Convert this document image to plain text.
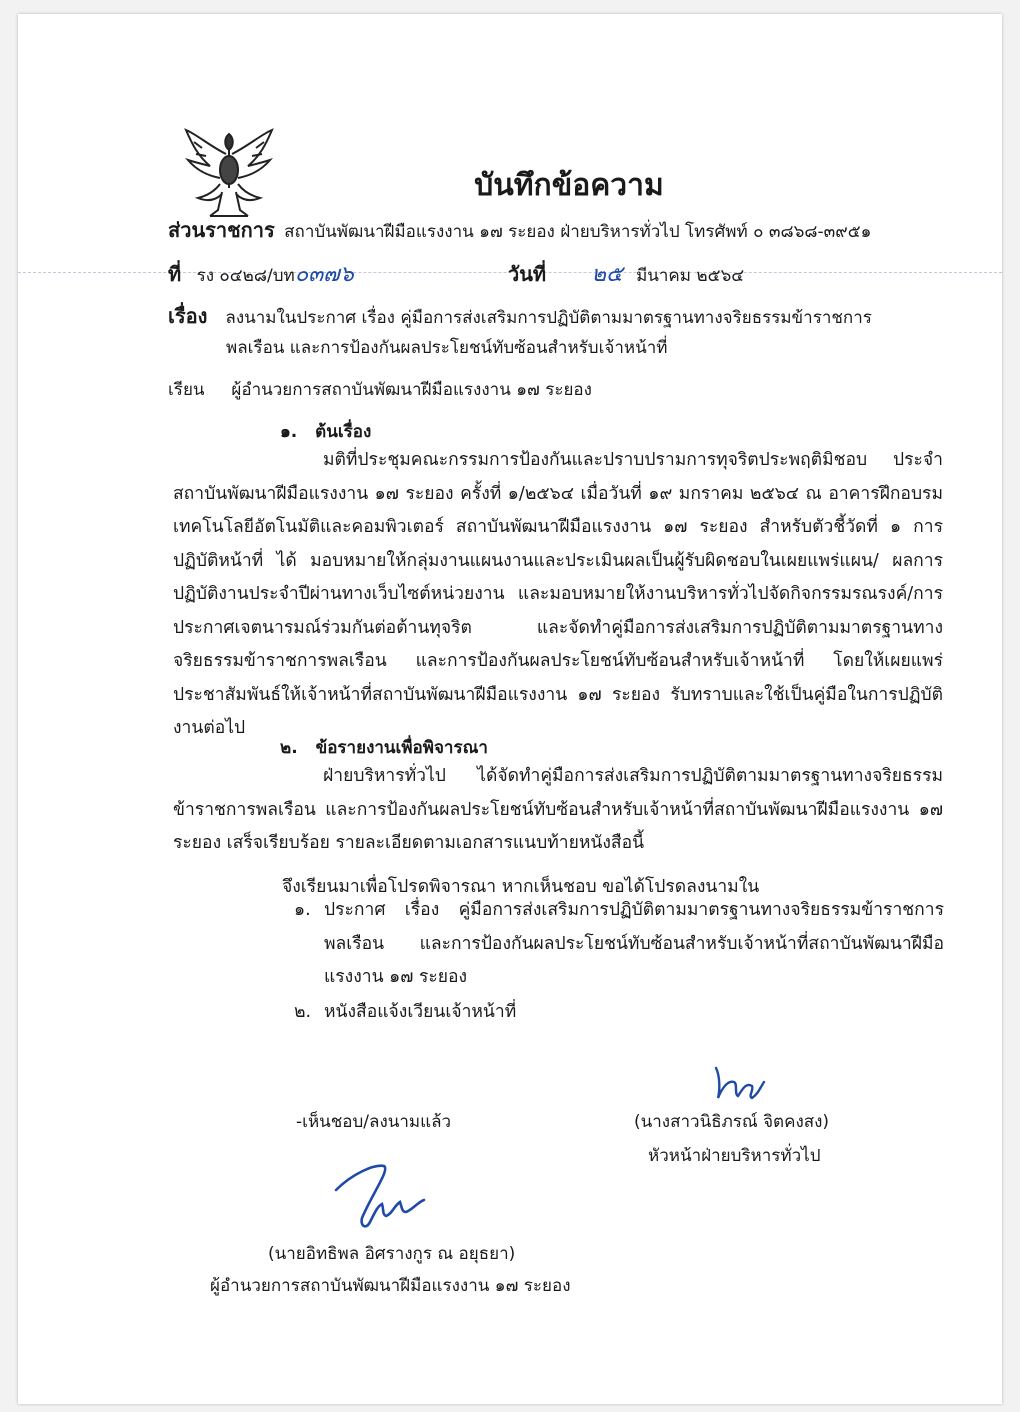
บันทึกข้อความ
ส่วนราชการ สถาบันพัฒนาฝีมือแรงงาน ๑๗ ระยอง ฝ่ายบริหารทั่วไป โทรศัพท์ ๐ ๓๘๖๘-๓๙๕๑
ที่ รง ๐๔๒๘/บท๐๓๗๖	วันที่ ๒๕ มีนาคม ๒๕๖๔
เรื่อง ลงนามในประกาศ เรื่อง คู่มือการส่งเสริมการปฏิบัติตามมาตรฐานทางจริยธรรมข้าราชการ
พลเรือน และการป้องกันผลประโยชน์ทับซ้อนสำหรับเจ้าหน้าที่
เรียน ผู้อำนวยการสถาบันพัฒนาฝีมือแรงงาน ๑๗ ระยอง
๑. ต้นเรื่อง

มติที่ประชุมคณะกรรมการป้องกันและปราบปรามการทุจริตประพฤติมิชอบ ประจำสถาบันพัฒนาฝีมือแรงงาน ๑๗ ระยอง ครั้งที่ ๑/๒๕๖๔ เมื่อวันที่ ๑๙ มกราคม ๒๕๖๔ ณ อาคารฝึกอบรมเทคโนโลยีอัตโนมัติและคอมพิวเตอร์ สถาบันพัฒนาฝีมือแรงงาน ๑๗ ระยอง สำหรับตัวชี้วัดที่ ๑ การปฏิบัติหน้าที่ ได้ มอบหมายให้กลุ่มงานแผนงานและประเมินผลเป็นผู้รับผิดชอบในเผยแพร่แผน/ ผลการปฏิบัติงานประจำปีผ่านทางเว็บไซต์หน่วยงาน และมอบหมายให้งานบริหารทั่วไปจัดกิจกรรมรณรงค์/การประกาศเจตนารมณ์ร่วมกันต่อต้านทุจริต และจัดทำคู่มือการส่งเสริมการปฏิบัติตามมาตรฐานทางจริยธรรมข้าราชการพลเรือน และการป้องกันผลประโยชน์ทับซ้อนสำหรับเจ้าหน้าที่ โดยให้เผยแพร่ประชาสัมพันธ์ให้เจ้าหน้าที่สถาบันพัฒนาฝีมือแรงงาน ๑๗ ระยอง รับทราบและใช้เป็นคู่มือในการปฏิบัติงานต่อไป

๒. ข้อรายงานเพื่อพิจารณา

ฝ่ายบริหารทั่วไป ได้จัดทำคู่มือการส่งเสริมการปฏิบัติตามมาตรฐานทางจริยธรรมข้าราชการพลเรือน และการป้องกันผลประโยชน์ทับซ้อนสำหรับเจ้าหน้าที่สถาบันพัฒนาฝีมือแรงงาน ๑๗ ระยอง เสร็จเรียบร้อย รายละเอียดตามเอกสารแนบท้ายหนังสือนี้

จึงเรียนมาเพื่อโปรดพิจารณา หากเห็นชอบ ขอได้โปรดลงนามใน
๑. ประกาศ เรื่อง คู่มือการส่งเสริมการปฏิบัติตามมาตรฐานทางจริยธรรมข้าราชการพลเรือน และการป้องกันผลประโยชน์ทับซ้อนสำหรับเจ้าหน้าที่สถาบันพัฒนาฝีมือแรงงาน ๑๗ ระยอง
๒. หนังสือแจ้งเวียนเจ้าหน้าที่
(นางสาวนิธิภรณ์ จิตคงสง)
หัวหน้าฝ่ายบริหารทั่วไป
-เห็นชอบ/ลงนามแล้ว
(นายอิทธิพล อิศรางกูร ณ อยุธยา)
ผู้อำนวยการสถาบันพัฒนาฝีมือแรงงาน ๑๗ ระยอง
